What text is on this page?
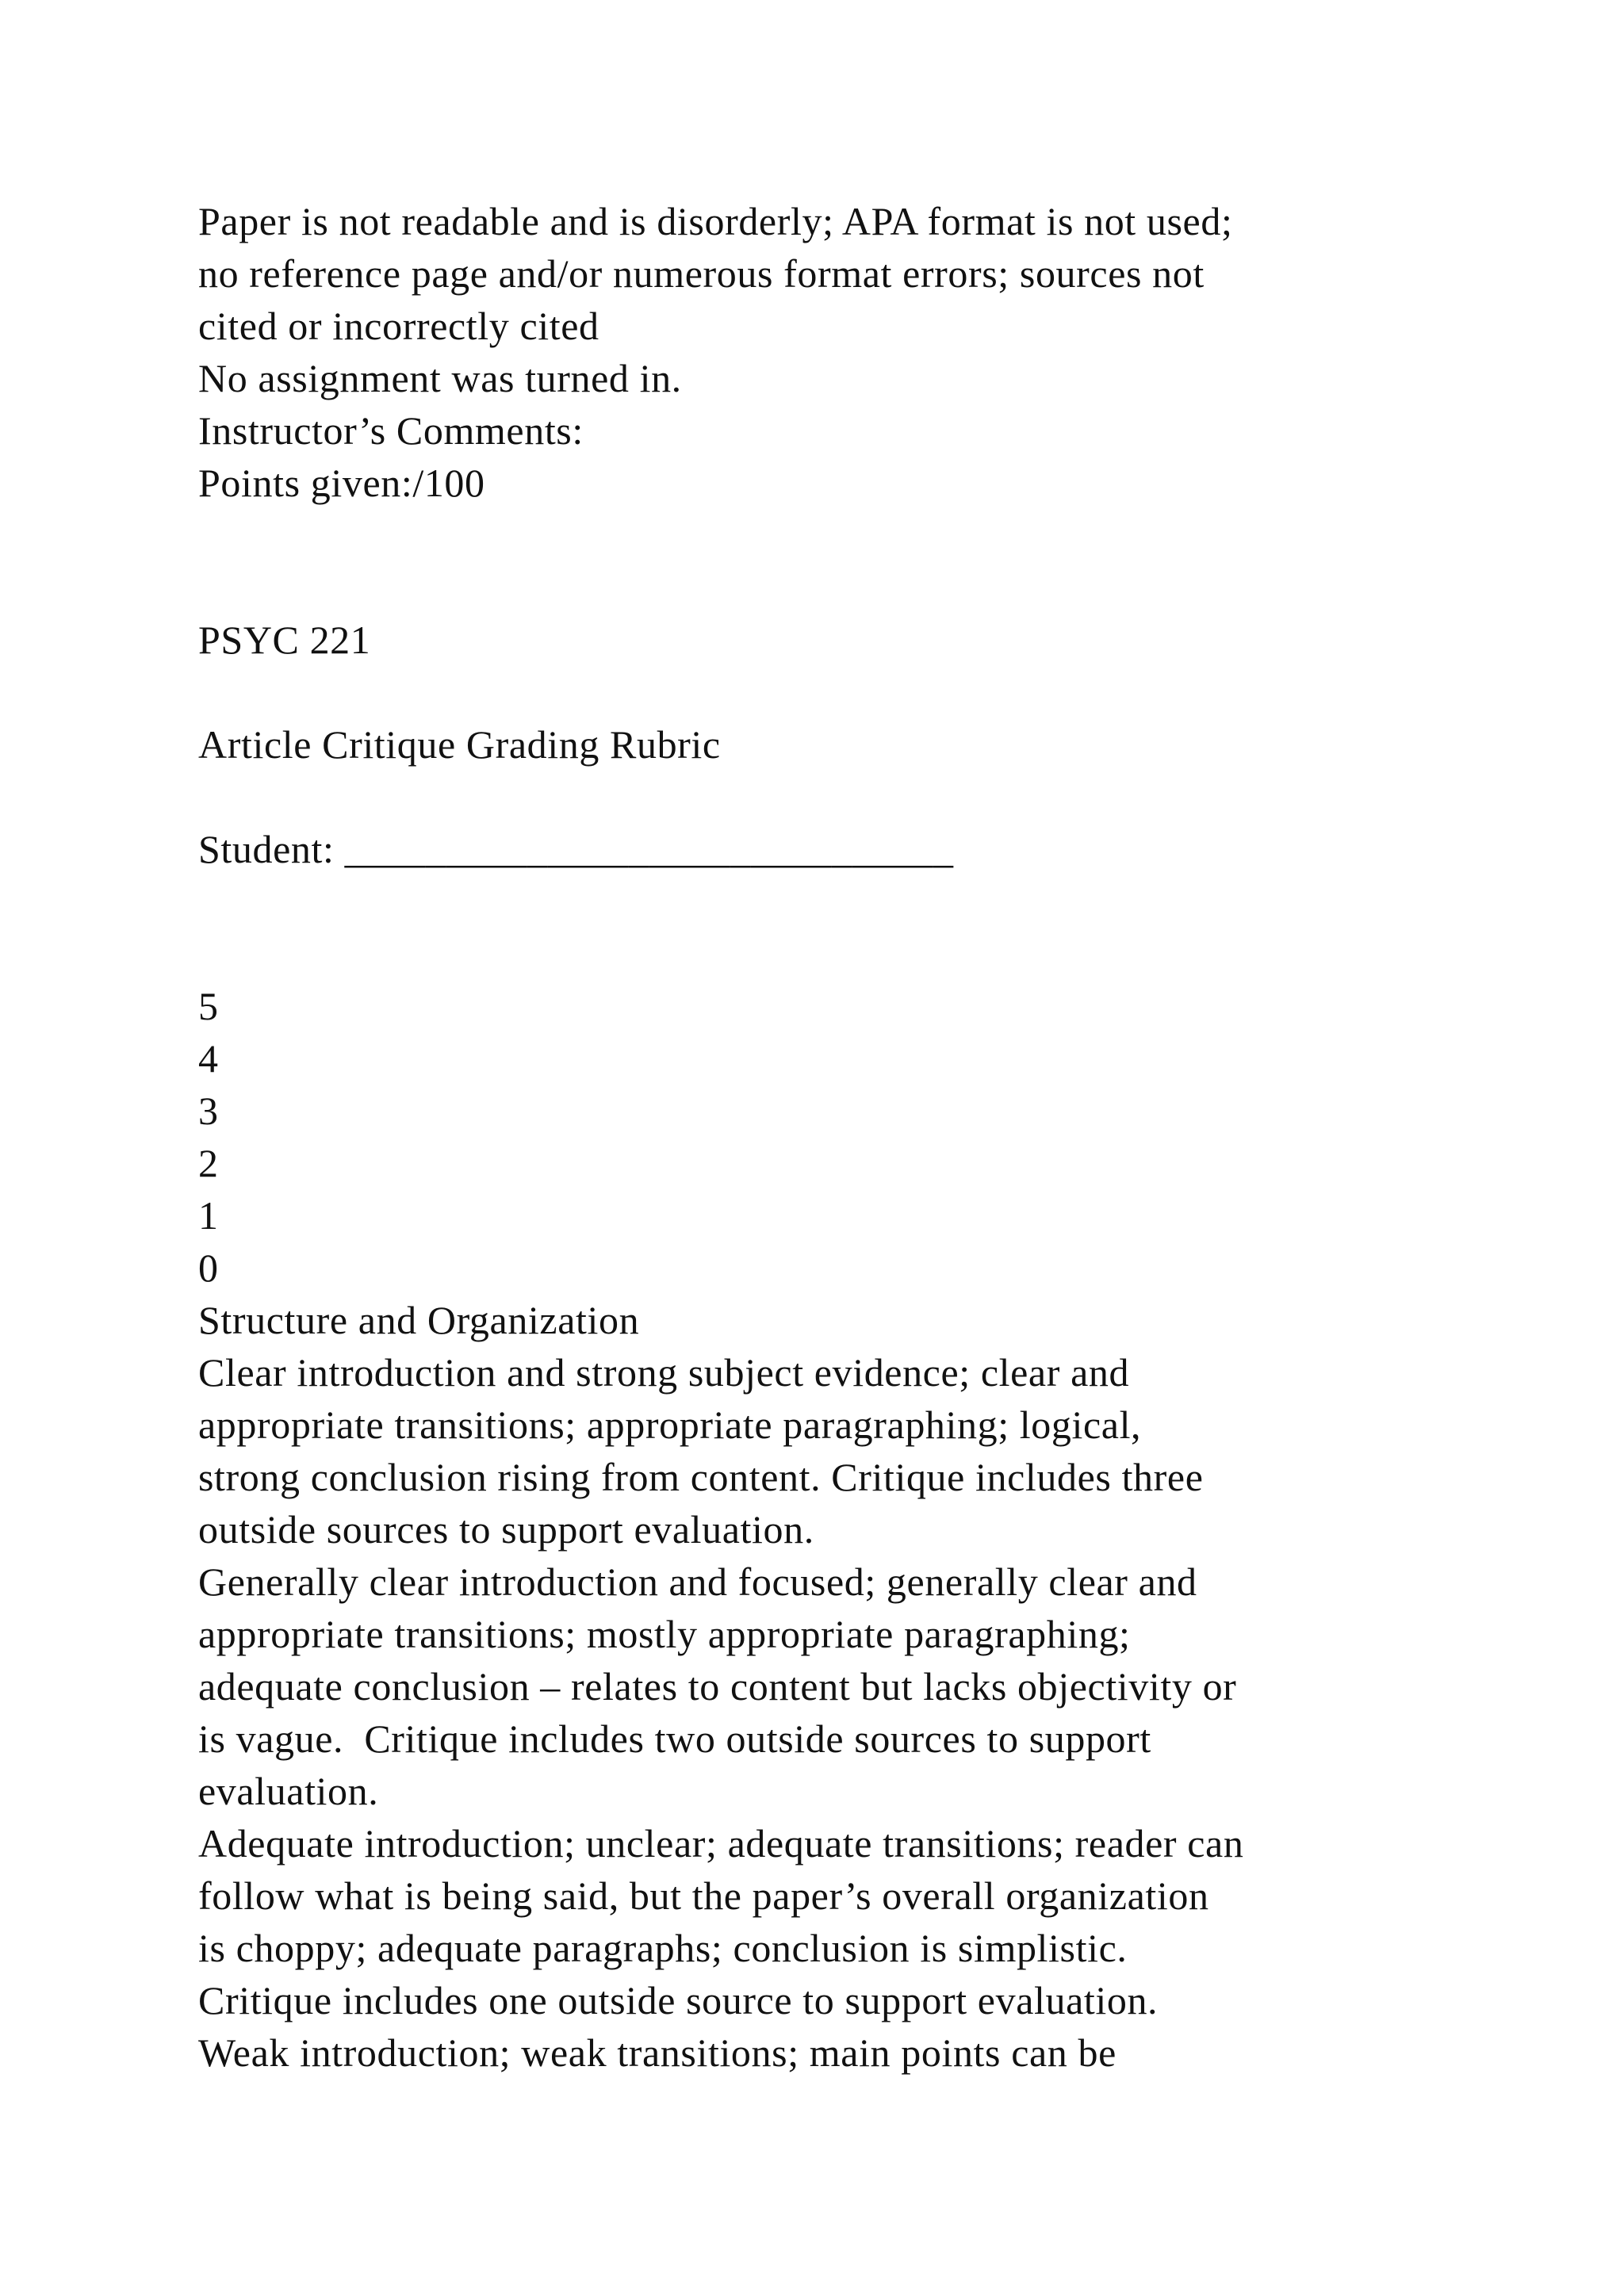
Paper is not readable and is disorderly; APA format is not used;
no reference page and/or numerous format errors; sources not
cited or incorrectly cited
No assignment was turned in.
Instructor’s Comments:
Points given:/100
PSYC 221
Article Critique Grading Rubric
Student: ______________________________
5
4
3
2
1
0
Structure and Organization
Clear introduction and strong subject evidence; clear and
appropriate transitions; appropriate paragraphing; logical,
strong conclusion rising from content. Critique includes three
outside sources to support evaluation.
Generally clear introduction and focused; generally clear and
appropriate transitions; mostly appropriate paragraphing;
adequate conclusion – relates to content but lacks objectivity or
is vague.  Critique includes two outside sources to support
evaluation.
Adequate introduction; unclear; adequate transitions; reader can
follow what is being said, but the paper’s overall organization
is choppy; adequate paragraphs; conclusion is simplistic.
Critique includes one outside source to support evaluation.
Weak introduction; weak transitions; main points can be
